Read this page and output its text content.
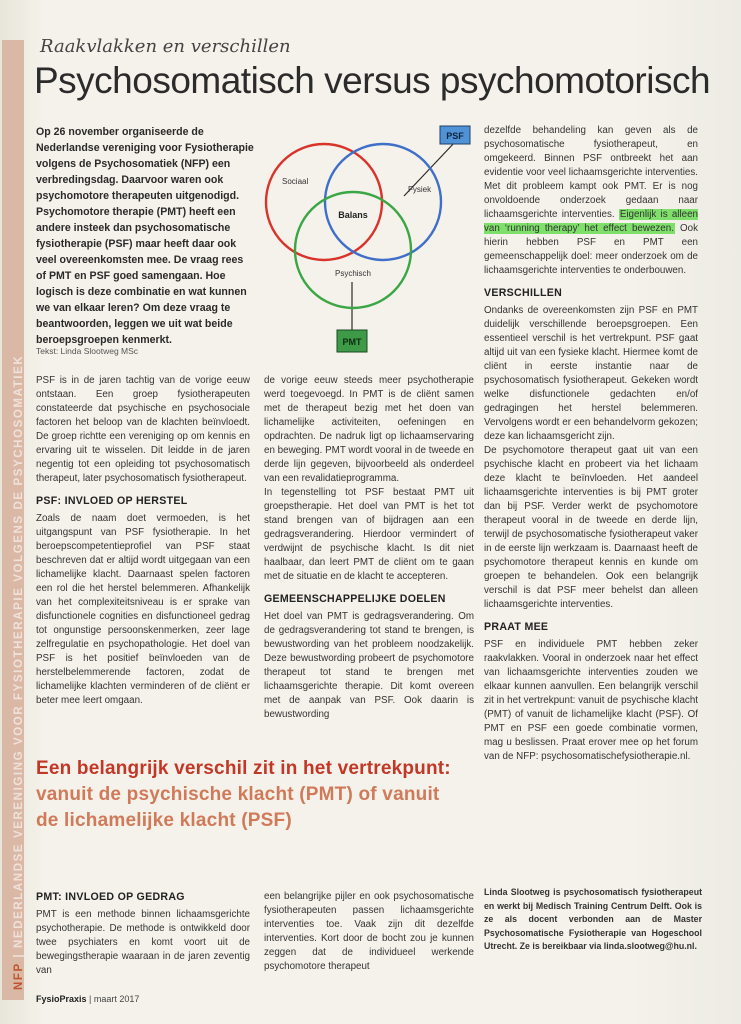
NFP | NEDERLANDSE VERENIGING VOOR FYSIOTHERAPIE VOLGENS DE PSYCHOSOMATIEK
Raakvlakken en verschillen
Psychosomatisch versus psychomotorisch

Op 26 november organiseerde de Nederlandse vereniging voor Fysiotherapie volgens de Psychosomatiek (NFP) een verbredingsdag. Daarvoor waren ook psychomotore therapeuten uitgenodigd. Psychomotore therapie (PMT) heeft een andere insteek dan psychosomatische fysiotherapie (PSF) maar heeft daar ook veel overeenkomsten mee. De vraag rees of PMT en PSF goed samengaan. Hoe logisch is deze combinatie en wat kunnen we van elkaar leren? Om deze vraag te beantwoorden, leggen we uit wat beide beroepsgroepen kenmerkt.

Tekst: Linda Slootweg MSc
PSF
PMT
Sociaal
Fysiek
Balans
Psychisch

PSF is in de jaren tachtig van de vorige eeuw ontstaan. Een groep fysiotherapeuten constateerde dat psychische en psychosociale factoren het beloop van de klachten beïnvloedt. De groep richtte een vereniging op om kennis en ervaring uit te wisselen. Dit leidde in de jaren negentig tot een opleiding tot psychosomatisch therapeut, later psychosomatisch fysiotherapeut.

PSF: INVLOED OP HERSTEL

Zoals de naam doet vermoeden, is het uitgangspunt van PSF fysiotherapie. In het beroepscompetentieprofiel van PSF staat beschreven dat er altijd wordt uitgegaan van een lichamelijke klacht. Daarnaast spelen factoren een rol die het herstel belemmeren. Afhankelijk van het complexiteitsniveau is er sprake van disfunctionele cognities en disfunctioneel gedrag tot ongunstige persoonskenmerken, zeer lage zelfregulatie en psychopathologie. Het doel van PSF is het positief beïnvloeden van de herstelbelemmerende factoren, zodat de lichamelijke klachten verminderen of de cliënt er beter mee leert omgaan.

de vorige eeuw steeds meer psychotherapie werd toegevoegd. In PMT is de cliënt samen met de therapeut bezig met het doen van lichamelijke activiteiten, oefeningen en opdrachten. De nadruk ligt op lichaamservaring en beweging. PMT wordt vooral in de tweede en derde lijn gegeven, bijvoorbeeld als onderdeel van een revalidatieprogramma.

In tegenstelling tot PSF bestaat PMT uit groepstherapie. Het doel van PMT is het tot stand brengen van of bijdragen aan een gedragsverandering. Hierdoor vermindert of verdwijnt de psychische klacht. Is dit niet haalbaar, dan leert PMT de cliënt om te gaan met de situatie en de klacht te accepteren.

GEMEENSCHAPPELIJKE DOELEN

Het doel van PMT is gedragsverandering. Om de gedragsverandering tot stand te brengen, is bewustwording van het probleem noodzakelijk. Deze bewustwording probeert de psychomotore therapeut tot stand te brengen met lichaamsgerichte therapie. Dit komt overeen met de aanpak van PSF. Ook daarin is bewustwording

dezelfde behandeling kan geven als de psychosomatische fysiotherapeut, en omgekeerd. Binnen PSF ontbreekt het aan evidentie voor veel lichaamsgerichte interventies. Met dit probleem kampt ook PMT. Er is nog onvoldoende onderzoek gedaan naar lichaamsgerichte interventies. Eigenlijk is alleen van ‘running therapy’ het effect bewezen. Ook hierin hebben PSF en PMT een gemeenschappelijk doel: meer onderzoek om de lichaamsgerichte interventies te onderbouwen.

VERSCHILLEN

Ondanks de overeenkomsten zijn PSF en PMT duidelijk verschillende beroepsgroepen. Een essentieel verschil is het vertrekpunt. PSF gaat altijd uit van een fysieke klacht. Hiermee komt de cliënt in eerste instantie naar de psychosomatisch fysiotherapeut. Gekeken wordt welke disfunctionele gedachten en/of gedragingen het herstel belemmeren. Vervolgens wordt er een behandelvorm gekozen; deze kan lichaamsgericht zijn.

De psychomotore therapeut gaat uit van een psychische klacht en probeert via het lichaam deze klacht te beïnvloeden. Het aandeel lichaamsgerichte interventies is bij PMT groter dan bij PSF. Verder werkt de psychomotore therapeut vooral in de tweede en derde lijn, terwijl de psychosomatische fysiotherapeut vaker in de eerste lijn werkzaam is. Daarnaast heeft de psychomotore therapeut kennis en kunde om groepen te behandelen. Ook een belangrijk verschil is dat PSF meer behelst dan alleen lichaamsgerichte interventies.

PRAAT MEE

PSF en individuele PMT hebben zeker raakvlakken. Vooral in onderzoek naar het effect van lichaamsgerichte interventies zouden we elkaar kunnen aanvullen. Een belangrijk verschil zit in het vertrekpunt: vanuit de psychische klacht (PMT) of vanuit de lichamelijke klacht (PSF). Of PMT en PSF een goede combinatie vormen, mag u beslissen. Praat erover mee op het forum van de NFP: psychosomatischefysiotherapie.nl.

Een belangrijk verschil zit in het vertrekpunt: vanuit de psychische klacht (PMT) of vanuit de lichamelijke klacht (PSF)
PMT: INVLOED OP GEDRAG

PMT is een methode binnen lichaamsgerichte psychotherapie. De methode is ontwikkeld door twee psychiaters en komt voort uit de bewegingstherapie waaraan in de jaren zeventig van

een belangrijke pijler en ook psychosomatische fysiotherapeuten passen lichaamsgerichte interventies toe. Vaak zijn dit dezelfde interventies. Kort door de bocht zou je kunnen zeggen dat de individueel werkende psychomotore therapeut

Linda Slootweg is psychosomatisch fysiotherapeut en werkt bij Medisch Training Centrum Delft. Ook is ze als docent verbonden aan de Master Psychosomatische Fysiotherapie van Hogeschool Utrecht. Ze is bereikbaar via linda.slootweg@hu.nl.
FysioPraxis | maart 2017
